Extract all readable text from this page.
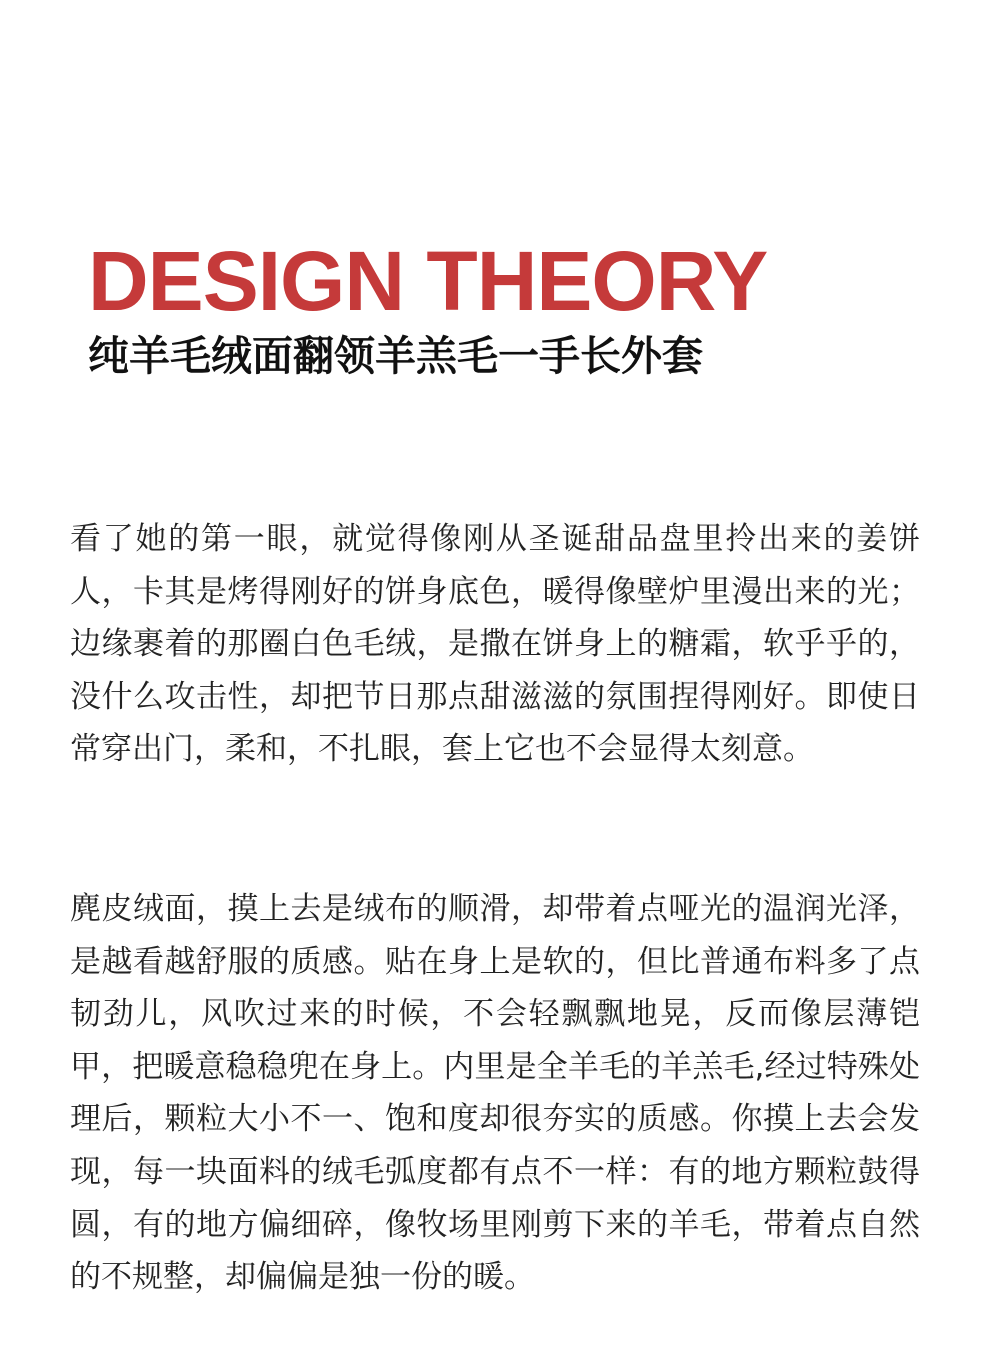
DESIGN THEORY
纯羊毛绒面翻领羊羔毛一手长外套

看了她的第一眼，就觉得像刚从圣诞甜品盘里拎出来的姜饼人，卡其是烤得刚好的饼身底色，暖得像壁炉里漫出来的光；边缘裹着的那圈白色毛绒，是撒在饼身上的糖霜，软乎乎的，没什么攻击性，却把节日那点甜滋滋的氛围捏得刚好。即使日常穿出门，柔和，不扎眼，套上它也不会显得太刻意。

麂皮绒面，摸上去是绒布的顺滑，却带着点哑光的温润光泽，是越看越舒服的质感。贴在身上是软的，但比普通布料多了点韧劲儿，风吹过来的时候，不会轻飘飘地晃，反而像层薄铠甲，把暖意稳稳兜在身上。内里是全羊毛的羊羔毛,经过特殊处理后，颗粒大小不一、饱和度却很夯实的质感。你摸上去会发现，每一块面料的绒毛弧度都有点不一样：有的地方颗粒鼓得圆，有的地方偏细碎，像牧场里刚剪下来的羊毛，带着点自然的不规整，却偏偏是独一份的暖。
